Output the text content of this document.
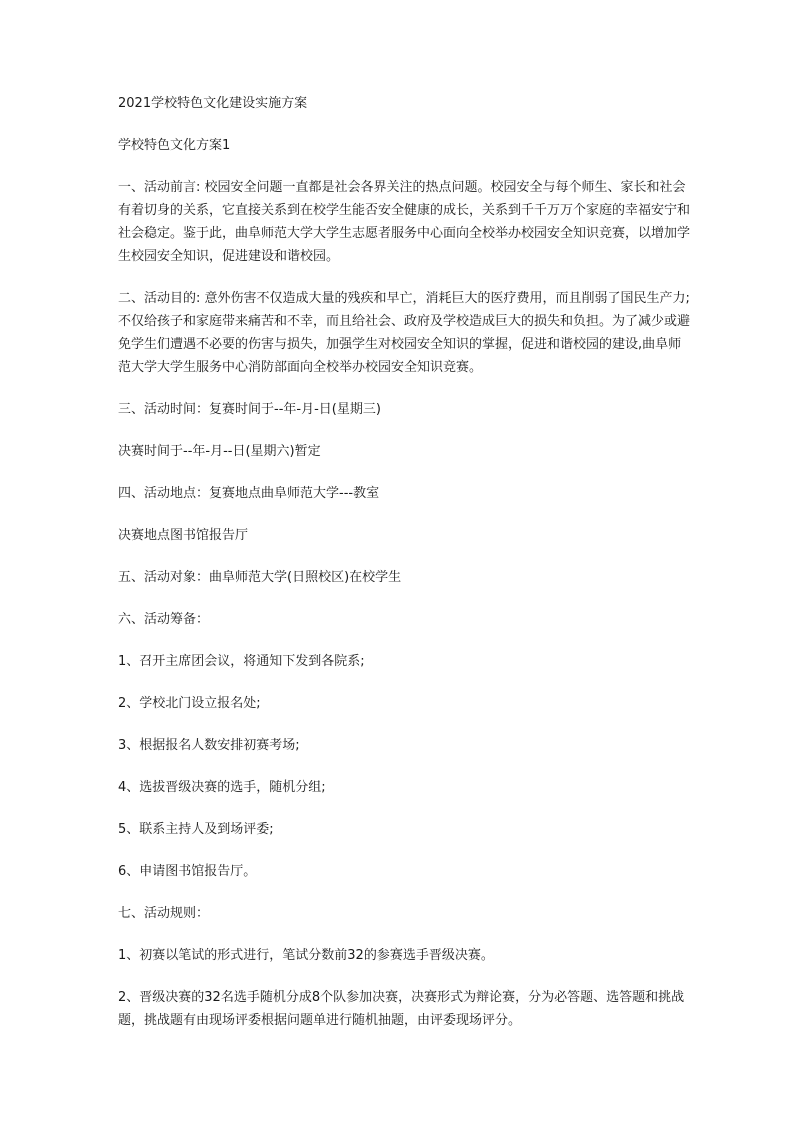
2021学校特色文化建设实施方案
学校特色文化方案1
一、活动前言: 校园安全问题一直都是社会各界关注的热点问题。校园安全与每个师生、家长和社会有着切身的关系，它直接关系到在校学生能否安全健康的成长，关系到千千万万个家庭的幸福安宁和社会稳定。鉴于此，曲阜师范大学大学生志愿者服务中心面向全校举办校园安全知识竞赛，以增加学生校园安全知识，促进建设和谐校园。
二、活动目的: 意外伤害不仅造成大量的残疾和早亡，消耗巨大的医疗费用，而且削弱了国民生产力;不仅给孩子和家庭带来痛苦和不幸，而且给社会、政府及学校造成巨大的损失和负担。为了减少或避免学生们遭遇不必要的伤害与损失，加强学生对校园安全知识的掌握，促进和谐校园的建设,曲阜师范大学大学生服务中心消防部面向全校举办校园安全知识竞赛。
三、活动时间：复赛时间于--年-月-日(星期三)
决赛时间于--年-月--日(星期六)暂定
四、活动地点：复赛地点曲阜师范大学---教室
决赛地点图书馆报告厅
五、活动对象：曲阜师范大学(日照校区)在校学生
六、活动筹备：
1、召开主席团会议，将通知下发到各院系;
2、学校北门设立报名处;
3、根据报名人数安排初赛考场;
4、选拔晋级决赛的选手，随机分组;
5、联系主持人及到场评委;
6、申请图书馆报告厅。
七、活动规则：
1、初赛以笔试的形式进行，笔试分数前32的参赛选手晋级决赛。
2、晋级决赛的32名选手随机分成8个队参加决赛，决赛形式为辩论赛，分为必答题、选答题和挑战题，挑战题有由现场评委根据问题单进行随机抽题，由评委现场评分。
